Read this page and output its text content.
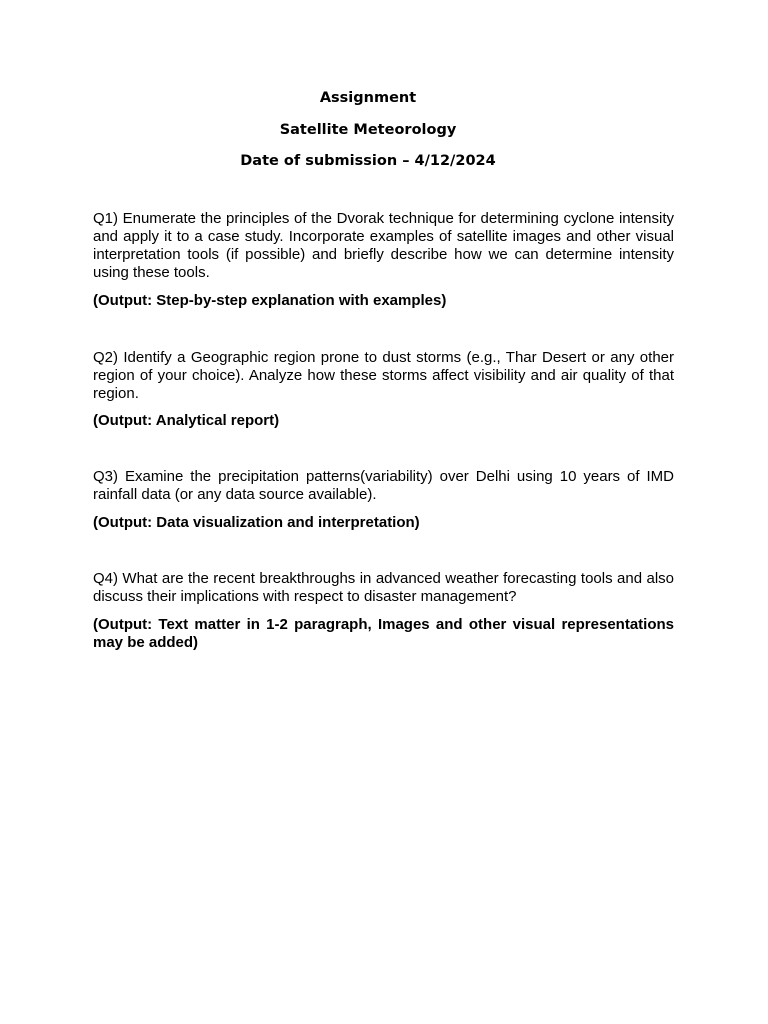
Assignment
Satellite Meteorology
Date of submission – 4/12/2024

Q1) Enumerate the principles of the Dvorak technique for determining cyclone intensity and apply it to a case study. Incorporate examples of satellite images and other visual interpretation tools (if possible) and briefly describe how we can determine intensity using these tools.

(Output: Step-by-step explanation with examples)

Q2) Identify a Geographic region prone to dust storms (e.g., Thar Desert or any other region of your choice). Analyze how these storms affect visibility and air quality of that region.

(Output: Analytical report)

Q3) Examine the precipitation patterns(variability) over Delhi using 10 years of IMD rainfall data (or any data source available).

(Output: Data visualization and interpretation)

Q4) What are the recent breakthroughs in advanced weather forecasting tools and also discuss their implications with respect to disaster management?

(Output: Text matter in 1-2 paragraph, Images and other visual representations may be added)
